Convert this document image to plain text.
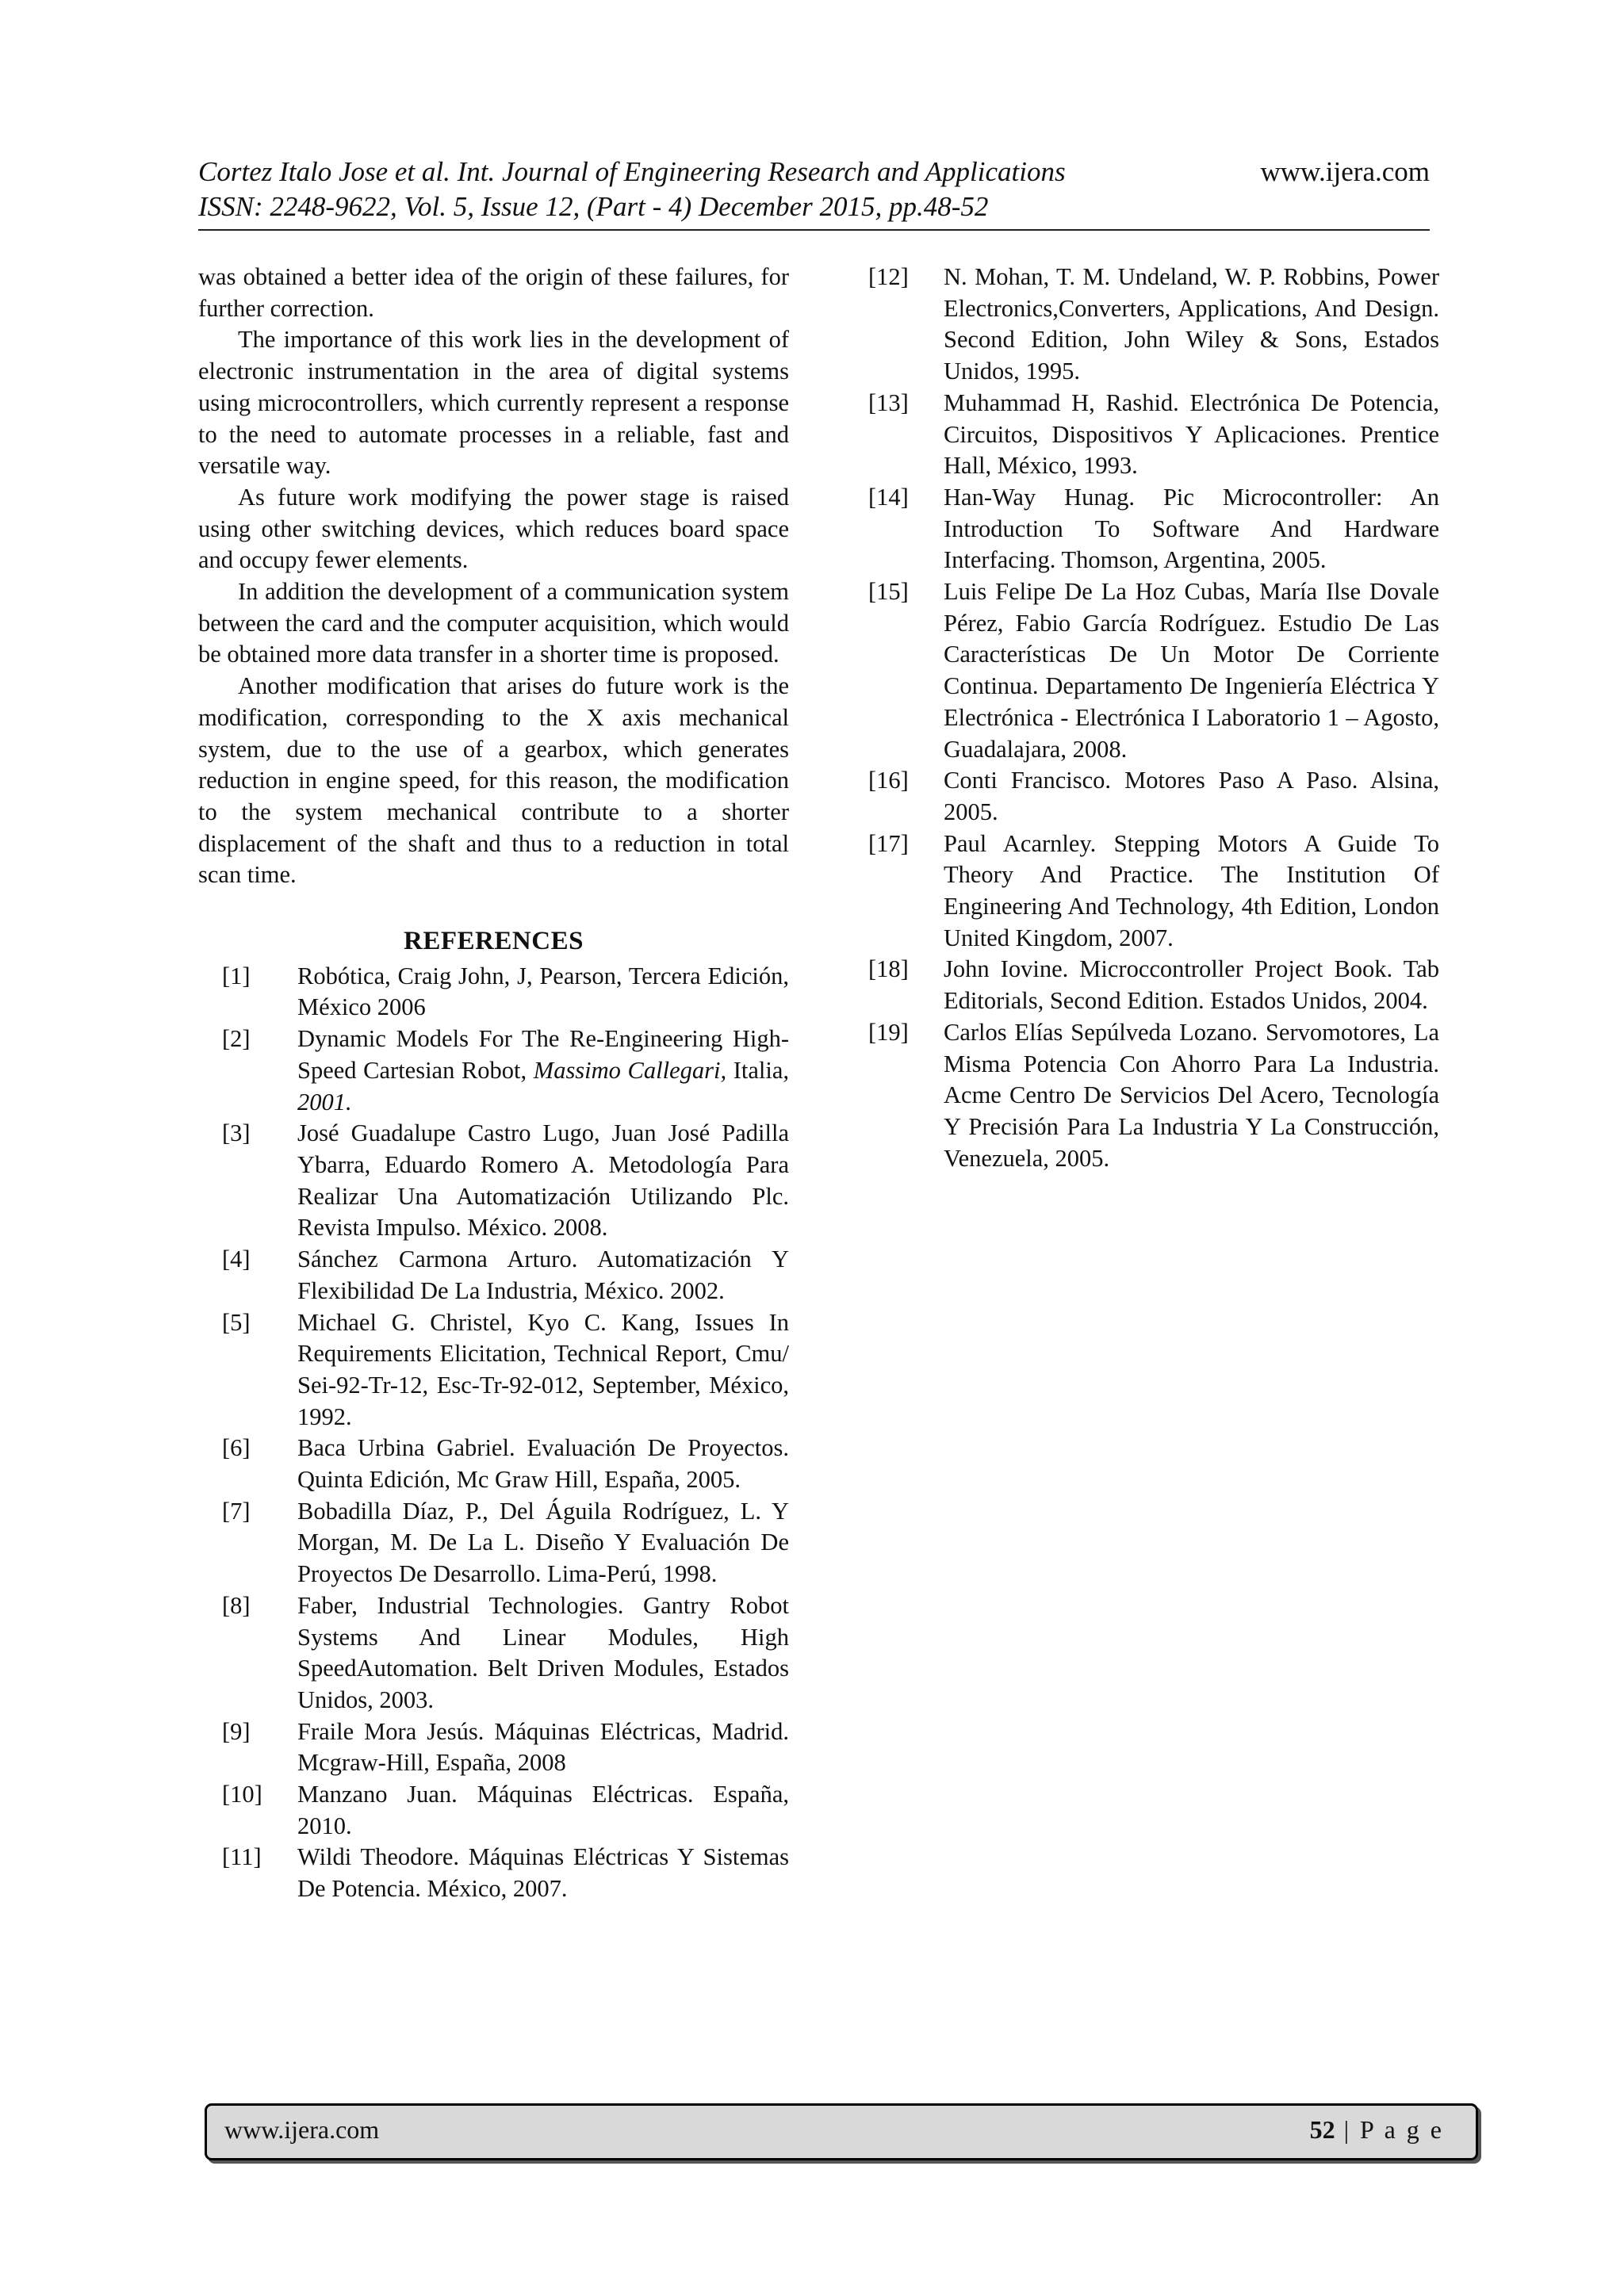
Cortez Italo Jose et al. Int. Journal of Engineering Research and Applications	www.ijera.com
ISSN: 2248-9622, Vol. 5, Issue 12, (Part - 4) December 2015, pp.48-52

was obtained a better idea of the origin of these failures, for further correction.

The importance of this work lies in the development of electronic instrumentation in the area of digital systems using microcontrollers, which currently represent a response to the need to automate processes in a reliable, fast and versatile way.

As future work modifying the power stage is raised using other switching devices, which reduces board space and occupy fewer elements.

In addition the development of a communication system between the card and the computer acquisition, which would be obtained more data transfer in a shorter time is proposed.

Another modification that arises do future work is the modification, corresponding to the X axis mechanical system, due to the use of a gearbox, which generates reduction in engine speed, for this reason, the modification to the system mechanical contribute to a shorter displacement of the shaft and thus to a reduction in total scan time.

REFERENCES
[1]	Robótica, Craig John, J, Pearson, Tercera Edición, México 2006
[2]	Dynamic Models For The Re-Engineering High-Speed Cartesian Robot, Massimo Callegari, Italia, 2001.
[3]	José Guadalupe Castro Lugo, Juan José Padilla Ybarra, Eduardo Romero A. Metodología Para Realizar Una Automatización Utilizando Plc. Revista Impulso. México. 2008.
[4]	Sánchez Carmona Arturo. Automatización Y Flexibilidad De La Industria, México. 2002.
[5]	Michael G. Christel, Kyo C. Kang, Issues In Requirements Elicitation, Technical Report, Cmu/ Sei-92-Tr-12, Esc-Tr-92-012, September, México, 1992.
[6]	Baca Urbina Gabriel. Evaluación De Proyectos. Quinta Edición, Mc Graw Hill, España, 2005.
[7]	Bobadilla Díaz, P., Del Águila Rodríguez, L. Y Morgan, M. De La L. Diseño Y Evaluación De Proyectos De Desarrollo. Lima-Perú, 1998.
[8]	Faber, Industrial Technologies. Gantry Robot Systems And Linear Modules, High SpeedAutomation. Belt Driven Modules, Estados Unidos, 2003.
[9]	Fraile Mora Jesús. Máquinas Eléctricas, Madrid. Mcgraw-Hill, España, 2008
[10]	Manzano Juan. Máquinas Eléctricas. España, 2010.
[11]	Wildi Theodore. Máquinas Eléctricas Y Sistemas De Potencia. México, 2007.
[12]	N. Mohan, T. M. Undeland, W. P. Robbins, Power Electronics,Converters, Applications, And Design. Second Edition, John Wiley & Sons, Estados Unidos, 1995.
[13]	Muhammad H, Rashid. Electrónica De Potencia, Circuitos, Dispositivos Y Aplicaciones. Prentice Hall, México, 1993.
[14]	Han-Way Hunag. Pic Microcontroller: An Introduction To Software And Hardware Interfacing. Thomson, Argentina, 2005.
[15]	Luis Felipe De La Hoz Cubas, María Ilse Dovale Pérez, Fabio García Rodríguez. Estudio De Las Características De Un Motor De Corriente Continua. Departamento De Ingeniería Eléctrica Y Electrónica - Electrónica I Laboratorio 1 – Agosto, Guadalajara, 2008.
[16]	Conti Francisco. Motores Paso A Paso. Alsina, 2005.
[17]	Paul Acarnley. Stepping Motors A Guide To Theory And Practice. The Institution Of Engineering And Technology, 4th Edition, London United Kingdom, 2007.
[18]	John Iovine. Microccontroller Project Book. Tab Editorials, Second Edition. Estados Unidos, 2004.
[19]	Carlos Elías Sepúlveda Lozano. Servomotores, La Misma Potencia Con Ahorro Para La Industria. Acme Centro De Servicios Del Acero, Tecnología Y Precisión Para La Industria Y La Construcción, Venezuela, 2005.
www.ijera.com	52 | P a g e
